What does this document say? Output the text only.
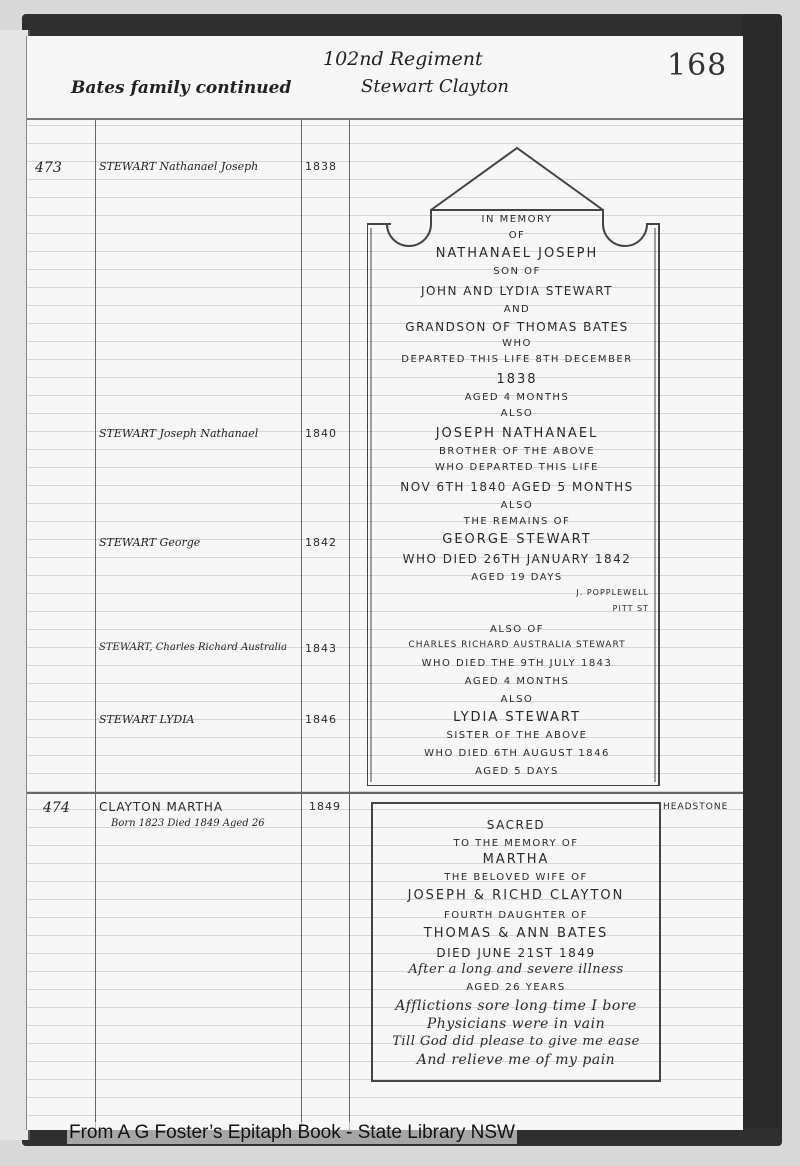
102nd Regiment
Bates family continued	Stewart Clayton
168
473	STEWART Nathanael Joseph	1838
STEWART Joseph Nathanael	1840
STEWART George	1842
STEWART, Charles Richard Australia 1843
STEWART LYDIA	1846
IN MEMORY
OF
NATHANAEL JOSEPH
SON OF
JOHN AND LYDIA STEWART
AND
GRANDSON OF THOMAS BATES
WHO
DEPARTED THIS LIFE 8TH DECEMBER
1838
AGED 4 MONTHS
ALSO
JOSEPH NATHANAEL
BROTHER OF THE ABOVE
WHO DEPARTED THIS LIFE
NOV 6TH 1840 AGED 5 MONTHS
ALSO
THE REMAINS OF
GEORGE STEWART
WHO DIED 26TH JANUARY 1842
AGED 19 DAYS
J. POPPLEWELL
PITT ST
ALSO OF
CHARLES RICHARD AUSTRALIA STEWART
WHO DIED THE 9TH JULY 1843
AGED 4 MONTHS
ALSO
LYDIA STEWART
SISTER OF THE ABOVE
WHO DIED 6TH AUGUST 1846
AGED 5 DAYS
474 CLAYTON MARTHA	1849
Born 1823 Died 1849 Aged 26
HEADSTONE
SACRED
TO THE MEMORY OF
MARTHA
THE BELOVED WIFE OF
JOSEPH & RICHD CLAYTON
FOURTH DAUGHTER OF
THOMAS & ANN BATES
DIED JUNE 21ST 1849
After a long and severe illness
AGED 26 YEARS
Afflictions sore long time I bore
Physicians were in vain
Till God did please to give me ease
And relieve me of my pain
From A G Foster’s Epitaph Book - State Library NSW
